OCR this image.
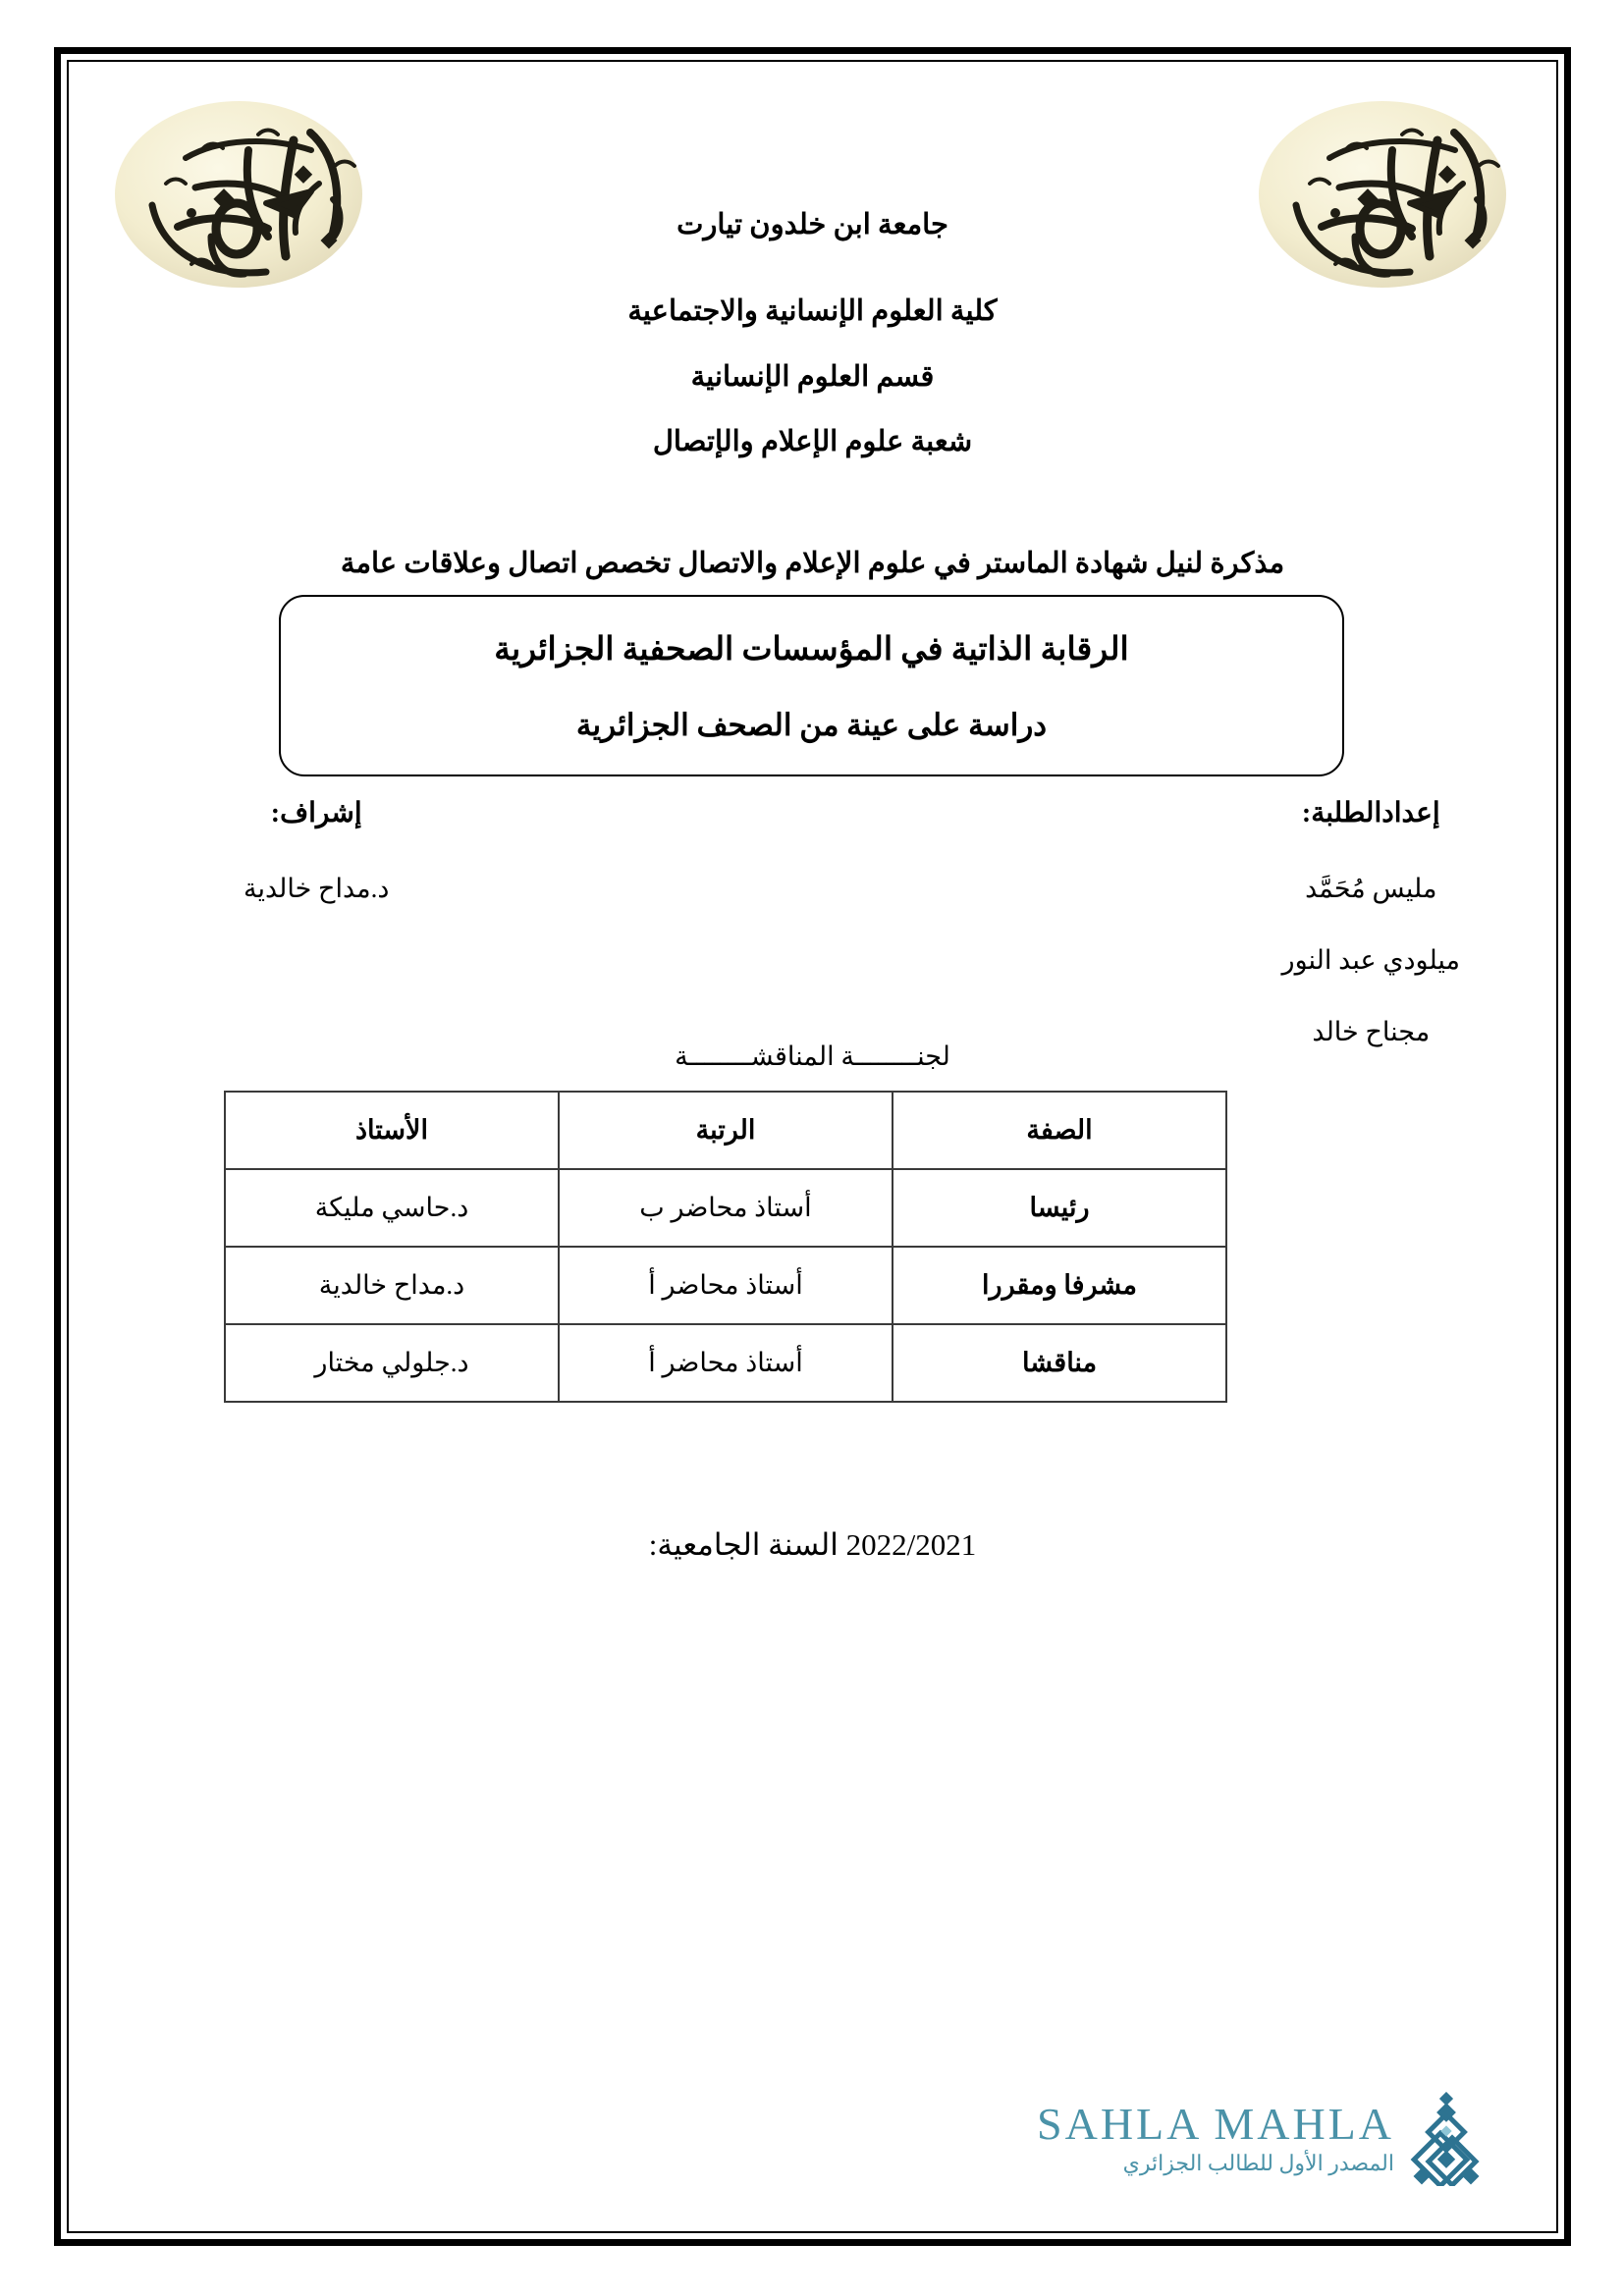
جامعة ابن خلدون تيارت
كلية العلوم الإنسانية والاجتماعية
قسم العلوم الإنسانية
شعبة علوم الإعلام والإتصال
مذكرة لنيل شهادة الماستر في علوم الإعلام والاتصال تخصص اتصال وعلاقات عامة
الرقابة الذاتية في المؤسسات الصحفية الجزائرية
دراسة على عينة من الصحف الجزائرية
إعدادالطلبة:
مليس مُحَمَّد
ميلودي عبد النور
مجناح خالد
إشراف:
د.مداح خالدية
لجنــــــــة المناقشــــــــة
الصفة	الرتبة	الأستاذ
رئيسا	أستاذ محاضر ب	د.حاسي مليكة
مشرفا ومقررا	أستاذ محاضر أ	د.مداح خالدية
مناقشا	أستاذ محاضر أ	د.جلولي مختار
2022/2021 السنة الجامعية:
SAHLA MAHLA
المصدر الأول للطالب الجزائري
